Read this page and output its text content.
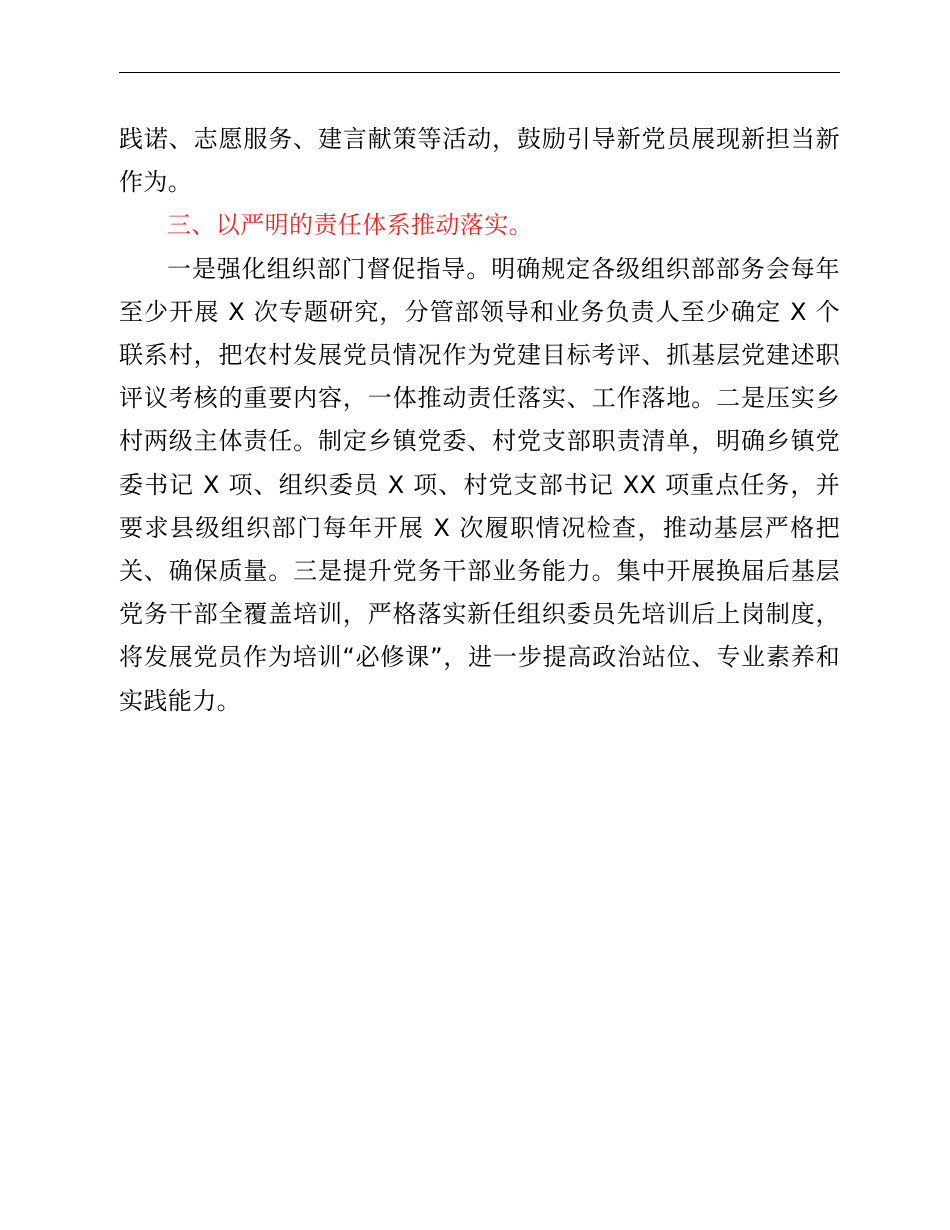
践诺、志愿服务、建言献策等活动，鼓励引导新党员展现新担当新作为。

三、以严明的责任体系推动落实。

一是强化组织部门督促指导。明确规定各级组织部部务会每年至少开展 X 次专题研究，分管部领导和业务负责人至少确定 X 个联系村，把农村发展党员情况作为党建目标考评、抓基层党建述职评议考核的重要内容，一体推动责任落实、工作落地。二是压实乡村两级主体责任。制定乡镇党委、村党支部职责清单，明确乡镇党委书记 X 项、组织委员 X 项、村党支部书记 XX 项重点任务，并要求县级组织部门每年开展 X 次履职情况检查，推动基层严格把关、确保质量。三是提升党务干部业务能力。集中开展换届后基层党务干部全覆盖培训，严格落实新任组织委员先培训后上岗制度，将发展党员作为培训“必修课”，进一步提高政治站位、专业素养和实践能力。
